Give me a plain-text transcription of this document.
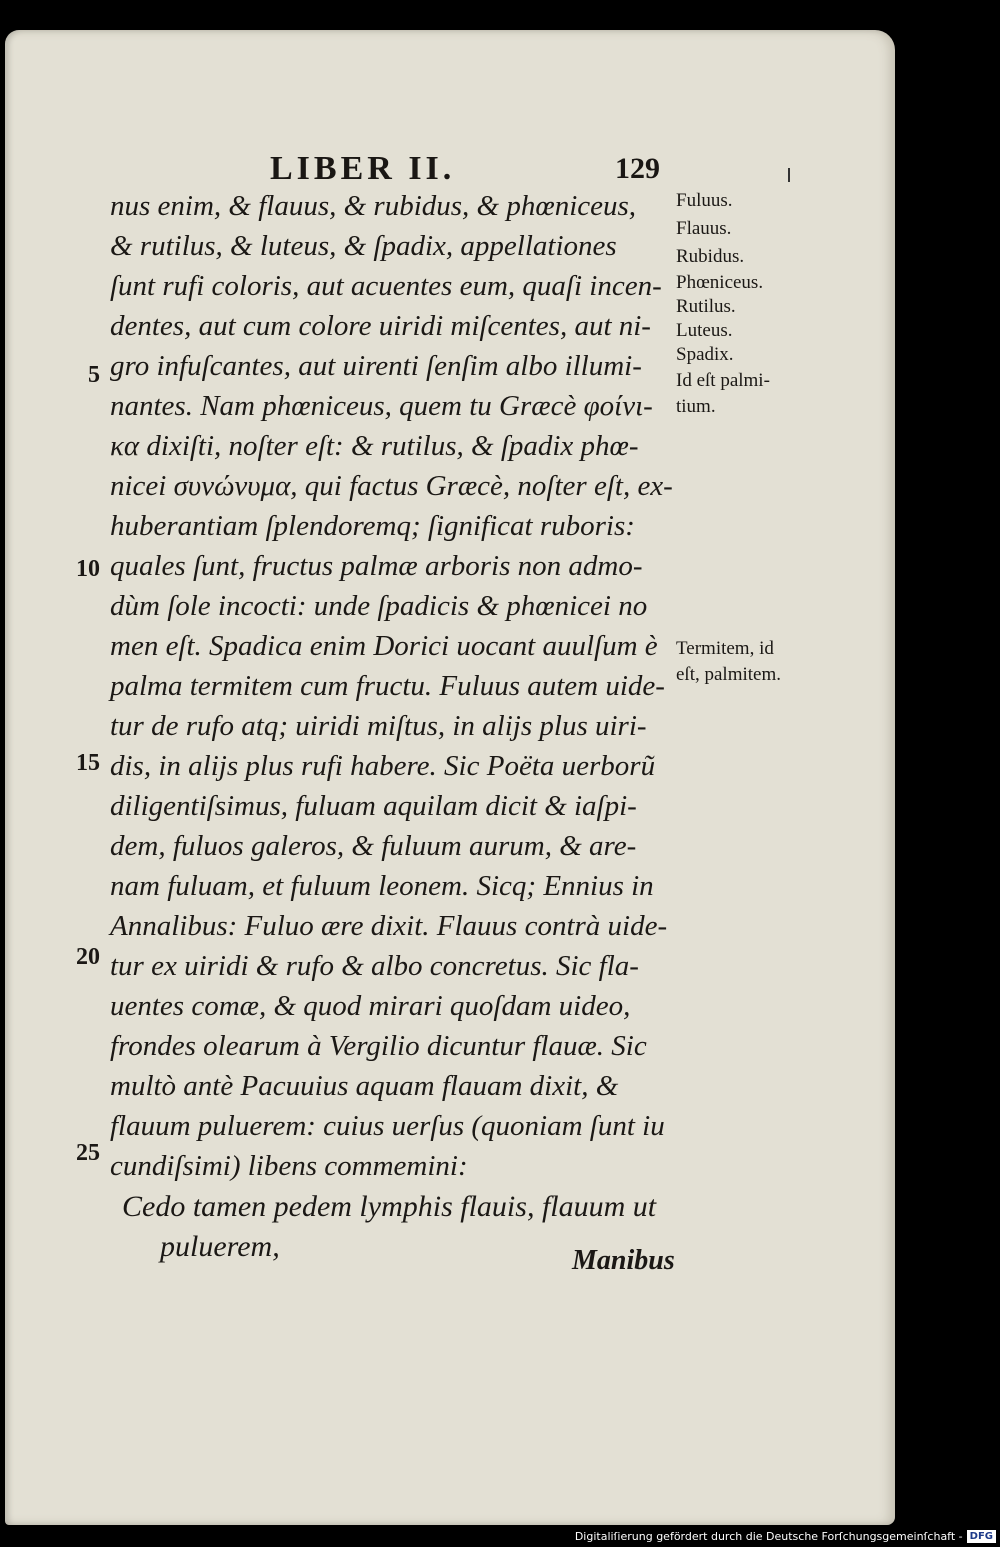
LIBER II.	129
nus enim, & flauus, & rubidus, & phœniceus,
& rutilus, & luteus, & ſpadix, appellationes
ſunt rufi coloris, aut acuentes eum, quaſi incen-
dentes, aut cum colore uiridi miſcentes, aut ni-
gro infuſcantes, aut uirenti ſenſim albo illumi-
nantes. Nam phœniceus, quem tu Græcè φοίνι-
κα dixiſti, noſter eſt: & rutilus, & ſpadix phœ-
nicei συνώνυμα, qui factus Græcè, noſter eſt, ex-
huberantiam ſplendoremq; ſignificat ruboris:
quales ſunt, fructus palmæ arboris non admo-
dùm ſole incocti: unde ſpadicis & phœnicei no
men eſt. Spadica enim Dorici uocant auulſum è
palma termitem cum fructu. Fuluus autem uide-
tur de rufo atq; uiridi miſtus, in alijs plus uiri-
dis, in alijs plus rufi habere. Sic Poëta uerborũ
diligentiſsimus, fuluam aquilam dicit & iaſpi-
dem, fuluos galeros, & fuluum aurum, & are-
nam fuluam, et fuluum leonem. Sicq; Ennius in
Annalibus: Fuluo ære dixit. Flauus contrà uide-
tur ex uiridi & rufo & albo concretus. Sic fla-
uentes comæ, & quod mirari quoſdam uideo,
frondes olearum à Vergilio dicuntur flauæ. Sic
multò antè Pacuuius aquam flauam dixit, &
flauum puluerem: cuius uerſus (quoniam ſunt iu
cundiſsimi) libens commemini:
Cedo tamen pedem lymphis flauis, flauum ut
puluerem,
5
10
15
20
25
Fuluus.
Flauus.
Rubidus.
Phœniceus.
Rutilus.
Luteus.
Spadix.
Id eſt palmi-
tium.
Termitem, id
eſt, palmitem.
Manibus
Digitaliſierung gefördert durch die Deutsche Forſchungsgemeinſchaft - DFG
